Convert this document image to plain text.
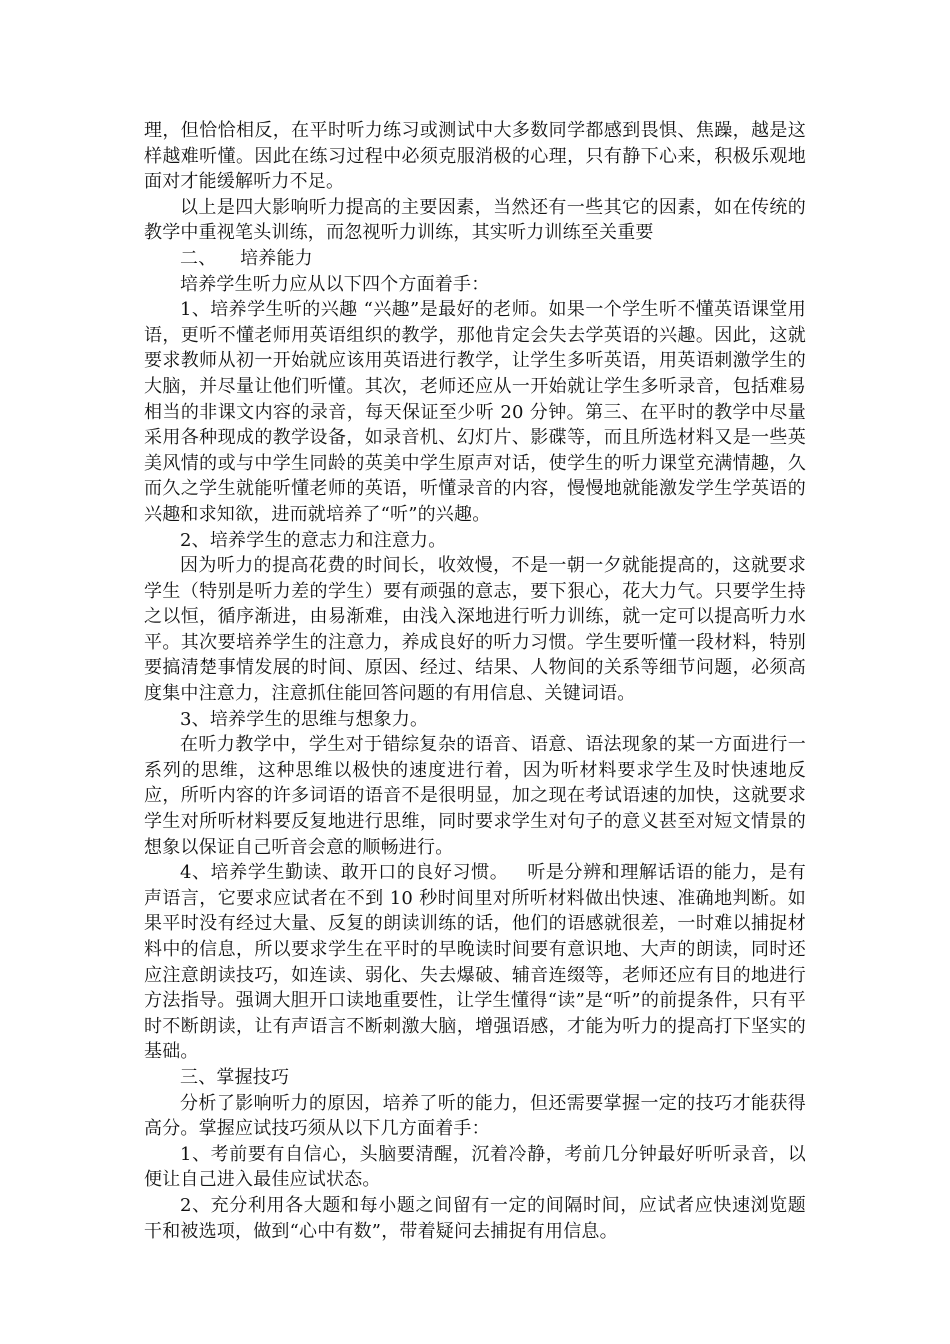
理，但恰恰相反，在平时听力练习或测试中大多数同学都感到畏惧、焦躁，越是这样越难听懂。因此在练习过程中必须克服消极的心理，只有静下心来，积极乐观地面对才能缓解听力不足。

以上是四大影响听力提高的主要因素，当然还有一些其它的因素，如在传统的教学中重视笔头训练，而忽视听力训练，其实听力训练至关重要

二、    培养能力

培养学生听力应从以下四个方面着手：

1、培养学生听的兴趣 “兴趣”是最好的老师。如果一个学生听不懂英语课堂用语，更听不懂老师用英语组织的教学，那他肯定会失去学英语的兴趣。因此，这就要求教师从初一开始就应该用英语进行教学，让学生多听英语，用英语刺激学生的大脑，并尽量让他们听懂。其次，老师还应从一开始就让学生多听录音，包括难易相当的非课文内容的录音，每天保证至少听 20 分钟。第三、在平时的教学中尽量采用各种现成的教学设备，如录音机、幻灯片、影碟等，而且所选材料又是一些英美风情的或与中学生同龄的英美中学生原声对话，使学生的听力课堂充满情趣，久而久之学生就能听懂老师的英语，听懂录音的内容，慢慢地就能激发学生学英语的兴趣和求知欲，进而就培养了“听”的兴趣。

2、培养学生的意志力和注意力。

因为听力的提高花费的时间长，收效慢，不是一朝一夕就能提高的，这就要求学生（特别是听力差的学生）要有顽强的意志，要下狠心，花大力气。只要学生持之以恒，循序渐进，由易渐难，由浅入深地进行听力训练，就一定可以提高听力水平。其次要培养学生的注意力，养成良好的听力习惯。学生要听懂一段材料，特别要搞清楚事情发展的时间、原因、经过、结果、人物间的关系等细节问题，必须高度集中注意力，注意抓住能回答问题的有用信息、关键词语。

3、培养学生的思维与想象力。

在听力教学中，学生对于错综复杂的语音、语意、语法现象的某一方面进行一系列的思维，这种思维以极快的速度进行着，因为听材料要求学生及时快速地反应，所听内容的许多词语的语音不是很明显，加之现在考试语速的加快，这就要求学生对所听材料要反复地进行思维，同时要求学生对句子的意义甚至对短文情景的想象以保证自己听音会意的顺畅进行。

4、培养学生勤读、敢开口的良好习惯。   听是分辨和理解话语的能力，是有声语言，它要求应试者在不到 10 秒时间里对所听材料做出快速、准确地判断。如果平时没有经过大量、反复的朗读训练的话，他们的语感就很差，一时难以捕捉材料中的信息，所以要求学生在平时的早晚读时间要有意识地、大声的朗读，同时还应注意朗读技巧，如连读、弱化、失去爆破、辅音连缀等，老师还应有目的地进行方法指导。强调大胆开口读地重要性，让学生懂得“读”是“听”的前提条件，只有平时不断朗读，让有声语言不断刺激大脑，增强语感，才能为听力的提高打下坚实的基础。

三、掌握技巧

分析了影响听力的原因，培养了听的能力，但还需要掌握一定的技巧才能获得高分。掌握应试技巧须从以下几方面着手：

1、考前要有自信心，头脑要清醒，沉着冷静，考前几分钟最好听听录音，以便让自己进入最佳应试状态。

2、充分利用各大题和每小题之间留有一定的间隔时间，应试者应快速浏览题干和被选项，做到“心中有数”，带着疑问去捕捉有用信息。
